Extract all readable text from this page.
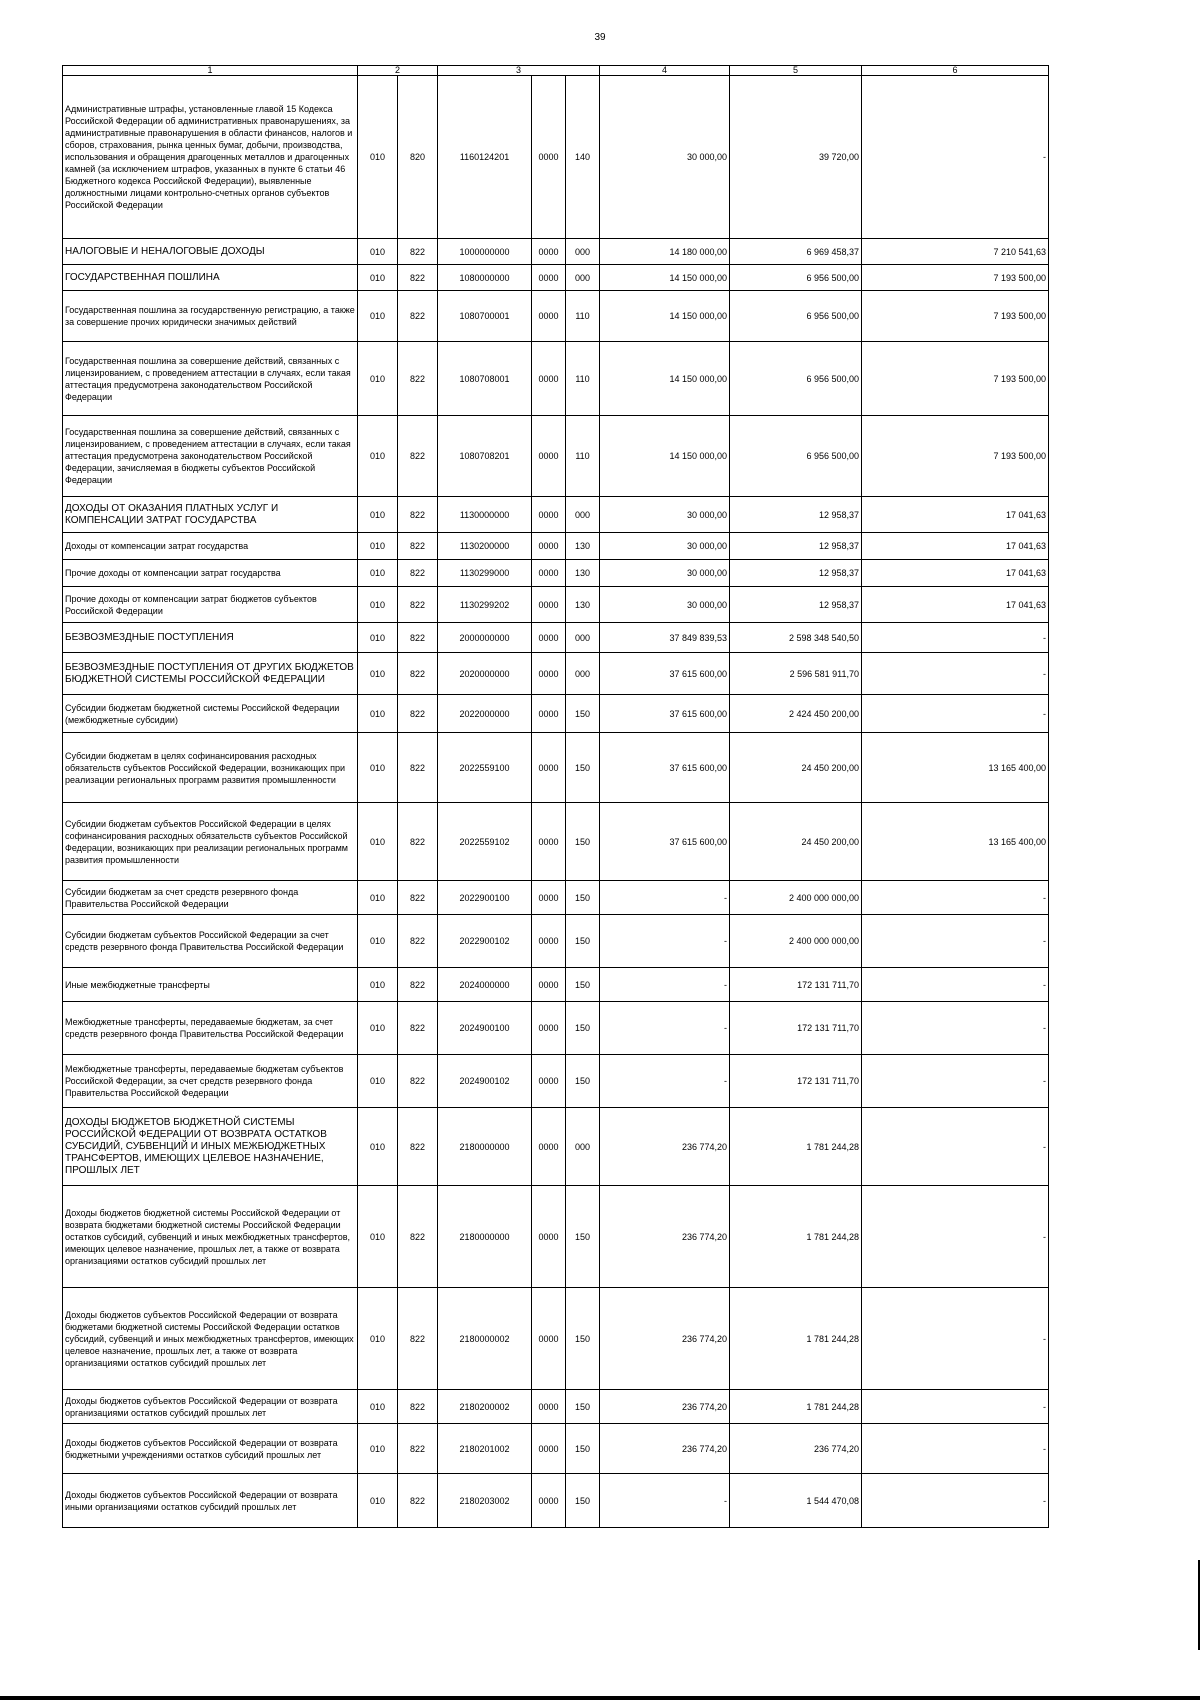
39
1	2		3			4	5	6
Административные штрафы, установленные главой 15 Кодекса Российской Федерации об административных правонарушениях, за административные правонарушения в области финансов, налогов и сборов, страхования, рынка ценных бумаг, добычи, производства, использования и обращения драгоценных металлов и драгоценных камней (за исключением штрафов, указанных в пункте 6 статьи 46 Бюджетного кодекса Российской Федерации), выявленные должностными лицами контрольно-счетных органов субъектов Российской Федерации	010	820	1160124201	0000	140	30 000,00	39 720,00	-
НАЛОГОВЫЕ И НЕНАЛОГОВЫЕ ДОХОДЫ	010	822	1000000000	0000	000	14 180 000,00	6 969 458,37	7 210 541,63
ГОСУДАРСТВЕННАЯ ПОШЛИНА	010	822	1080000000	0000	000	14 150 000,00	6 956 500,00	7 193 500,00
Государственная пошлина за государственную регистрацию, а также за совершение прочих юридически значимых действий	010	822	1080700001	0000	110	14 150 000,00	6 956 500,00	7 193 500,00
Государственная пошлина за совершение действий, связанных с лицензированием, с проведением аттестации в случаях, если такая аттестация предусмотрена законодательством Российской Федерации	010	822	1080708001	0000	110	14 150 000,00	6 956 500,00	7 193 500,00
Государственная пошлина за совершение действий, связанных с лицензированием, с проведением аттестации в случаях, если такая аттестация предусмотрена законодательством Российской Федерации, зачисляемая в бюджеты субъектов Российской Федерации	010	822	1080708201	0000	110	14 150 000,00	6 956 500,00	7 193 500,00
ДОХОДЫ ОТ ОКАЗАНИЯ ПЛАТНЫХ УСЛУГ И КОМПЕНСАЦИИ ЗАТРАТ ГОСУДАРСТВА	010	822	1130000000	0000	000	30 000,00	12 958,37	17 041,63
Доходы от компенсации затрат государства	010	822	1130200000	0000	130	30 000,00	12 958,37	17 041,63
Прочие доходы от компенсации затрат государства	010	822	1130299000	0000	130	30 000,00	12 958,37	17 041,63
Прочие доходы от компенсации затрат бюджетов субъектов Российской Федерации	010	822	1130299202	0000	130	30 000,00	12 958,37	17 041,63
БЕЗВОЗМЕЗДНЫЕ ПОСТУПЛЕНИЯ	010	822	2000000000	0000	000	37 849 839,53	2 598 348 540,50	-
БЕЗВОЗМЕЗДНЫЕ ПОСТУПЛЕНИЯ ОТ ДРУГИХ БЮДЖЕТОВ БЮДЖЕТНОЙ СИСТЕМЫ РОССИЙСКОЙ ФЕДЕРАЦИИ	010	822	2020000000	0000	000	37 615 600,00	2 596 581 911,70	-
Субсидии бюджетам бюджетной системы Российской Федерации (межбюджетные субсидии)	010	822	2022000000	0000	150	37 615 600,00	2 424 450 200,00	-
Субсидии бюджетам в целях софинансирования расходных обязательств субъектов Российской Федерации, возникающих при реализации региональных программ развития промышленности	010	822	2022559100	0000	150	37 615 600,00	24 450 200,00	13 165 400,00
Субсидии бюджетам субъектов Российской Федерации в целях софинансирования расходных обязательств субъектов Российской Федерации, возникающих при реализации региональных программ развития промышленности	010	822	2022559102	0000	150	37 615 600,00	24 450 200,00	13 165 400,00
Субсидии бюджетам за счет средств резервного фонда Правительства Российской Федерации	010	822	2022900100	0000	150	-	2 400 000 000,00	-
Субсидии бюджетам субъектов Российской Федерации за счет средств резервного фонда Правительства Российской Федерации	010	822	2022900102	0000	150	-	2 400 000 000,00	-
Иные межбюджетные трансферты	010	822	2024000000	0000	150	-	172 131 711,70	-
Межбюджетные трансферты, передаваемые бюджетам, за счет средств резервного фонда Правительства Российской Федерации	010	822	2024900100	0000	150	-	172 131 711,70	-
Межбюджетные трансферты, передаваемые бюджетам субъектов Российской Федерации, за счет средств резервного фонда Правительства Российской Федерации	010	822	2024900102	0000	150	-	172 131 711,70	-
ДОХОДЫ БЮДЖЕТОВ БЮДЖЕТНОЙ СИСТЕМЫ РОССИЙСКОЙ ФЕДЕРАЦИИ ОТ ВОЗВРАТА ОСТАТКОВ СУБСИДИЙ, СУБВЕНЦИЙ И ИНЫХ МЕЖБЮДЖЕТНЫХ ТРАНСФЕРТОВ, ИМЕЮЩИХ ЦЕЛЕВОЕ НАЗНАЧЕНИЕ, ПРОШЛЫХ ЛЕТ	010	822	2180000000	0000	000	236 774,20	1 781 244,28	-
Доходы бюджетов бюджетной системы Российской Федерации от возврата бюджетами бюджетной системы Российской Федерации остатков субсидий, субвенций и иных межбюджетных трансфертов, имеющих целевое назначение, прошлых лет, а также от возврата организациями остатков субсидий прошлых лет	010	822	2180000000	0000	150	236 774,20	1 781 244,28	-
Доходы бюджетов субъектов Российской Федерации от возврата бюджетами бюджетной системы Российской Федерации остатков субсидий, субвенций и иных межбюджетных трансфертов, имеющих целевое назначение, прошлых лет, а также от возврата организациями остатков субсидий прошлых лет	010	822	2180000002	0000	150	236 774,20	1 781 244,28	-
Доходы бюджетов субъектов Российской Федерации от возврата организациями остатков субсидий прошлых лет	010	822	2180200002	0000	150	236 774,20	1 781 244,28	-
Доходы бюджетов субъектов Российской Федерации от возврата бюджетными учреждениями остатков субсидий прошлых лет	010	822	2180201002	0000	150	236 774,20	236 774,20	-
Доходы бюджетов субъектов Российской Федерации от возврата иными организациями остатков субсидий прошлых лет	010	822	2180203002	0000	150	-	1 544 470,08	-
